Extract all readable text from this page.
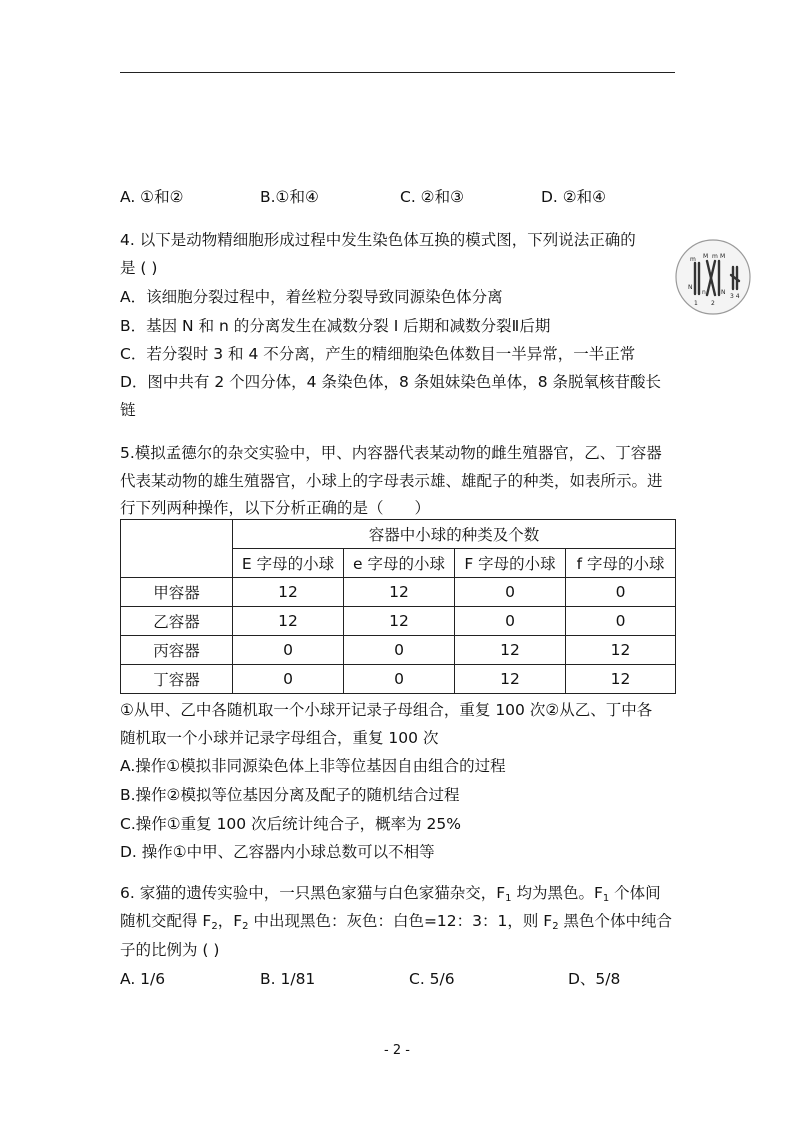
A. ①和②	B.①和④	C. ②和③	D. ②和④
4. 以下是动物精细胞形成过程中发生染色体互换的模式图，下列说法正确的
是 ( )
A．该细胞分裂过程中，着丝粒分裂导致同源染色体分离
B．基因 N 和 n 的分离发生在减数分裂 I 后期和减数分裂Ⅱ后期
C．若分裂时 3 和 4 不分离，产生的精细胞染色体数目一半异常，一半正常
D．图中共有 2 个四分体，4 条染色体，8 条姐妹染色单体，8 条脱氧核苷酸长
链
m M m M
N
n	N
1 2
3 4
5.模拟孟德尔的杂交实验中，甲、内容器代表某动物的雌生殖器官，乙、丁容器
代表某动物的雄生殖器官，小球上的字母表示雄、雄配子的种类，如表所示。进
行下列两种操作，以下分析正确的是（　　）
	容器中小球的种类及个数			
	E 字母的小球	e 字母的小球	F 字母的小球	f 字母的小球
甲容器	12	12	0	0
乙容器	12	12	0	0
丙容器	0	0	12	12
丁容器	0	0	12	12
①从甲、乙中各随机取一个小球开记录子母组合，重复 100 次②从乙、丁中各
随机取一个小球并记录字母组合，重复 100 次
A.操作①模拟非同源染色体上非等位基因自由组合的过程
B.操作②模拟等位基因分离及配子的随机结合过程
C.操作①重复 100 次后统计纯合子，概率为 25%
D. 操作①中甲、乙容器内小球总数可以不相等
6. 家猫的遗传实验中，一只黑色家猫与白色家猫杂交，$F_1$ 均为黑色。$F_1$ 个体间
随机交配得 $F_2$，$F_2$ 中出现黑色：灰色：白色=12：3：1，则 $F_2$ 黑色个体中纯合
子的比例为 ( )
A. 1/6	B. 1/81	C. 5/6	D、5/8
- 2 -
